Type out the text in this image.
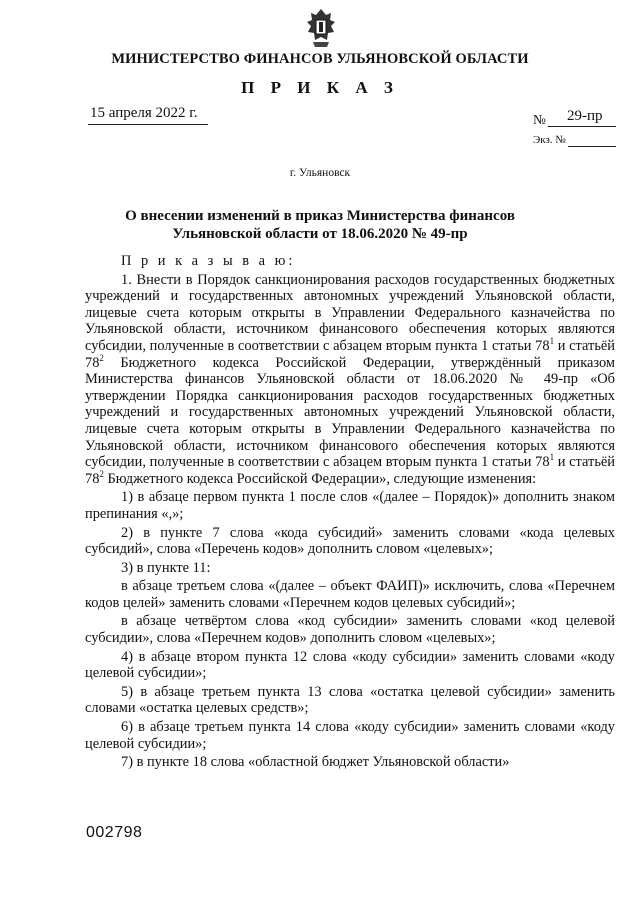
МИНИСТЕРСТВО ФИНАНСОВ УЛЬЯНОВСКОЙ ОБЛАСТИ
П Р И К А З
15 апреля 2022 г.	№ 29-пр
Экз. №
г. Ульяновск
О внесении изменений в приказ Министерства финансов Ульяновской области от 18.06.2020 № 49-пр

П р и к а з ы в а ю:

1. Внести в Порядок санкционирования расходов государственных бюджетных учреждений и государственных автономных учреждений Ульяновской области, лицевые счета которым открыты в Управлении Федерального казначейства по Ульяновской области, источником финансового обеспечения которых являются субсидии, полученные в соответствии с абзацем вторым пункта 1 статьи $78^1$ и статьёй $78^2$ Бюджетного кодекса Российской Федерации, утверждённый приказом Министерства финансов Ульяновской области от 18.06.2020 № 49-пр «Об утверждении Порядка санкционирования расходов государственных бюджетных учреждений и государственных автономных учреждений Ульяновской области, лицевые счета которым открыты в Управлении Федерального казначейства по Ульяновской области, источником финансового обеспечения которых являются субсидии, полученные в соответствии с абзацем вторым пункта 1 статьи $78^1$ и статьёй $78^2$ Бюджетного кодекса Российской Федерации», следующие изменения:

1) в абзаце первом пункта 1 после слов «(далее – Порядок)» дополнить знаком препинания «,»;

2) в пункте 7 слова «кода субсидий» заменить словами «кода целевых субсидий», слова «Перечень кодов» дополнить словом «целевых»;

3) в пункте 11:

в абзаце третьем слова «(далее – объект ФАИП)» исключить, слова «Перечнем кодов целей» заменить словами «Перечнем кодов целевых субсидий»;

в абзаце четвёртом слова «код субсидии» заменить словами «код целевой субсидии», слова «Перечнем кодов» дополнить словом «целевых»;

4) в абзаце втором пункта 12 слова «коду субсидии» заменить словами «коду целевой субсидии»;

5) в абзаце третьем пункта 13 слова «остатка целевой субсидии» заменить словами «остатка целевых средств»;

6) в абзаце третьем пункта 14 слова «коду субсидии» заменить словами «коду целевой субсидии»;

7) в пункте 18 слова «областной бюджет Ульяновской области»

002798
